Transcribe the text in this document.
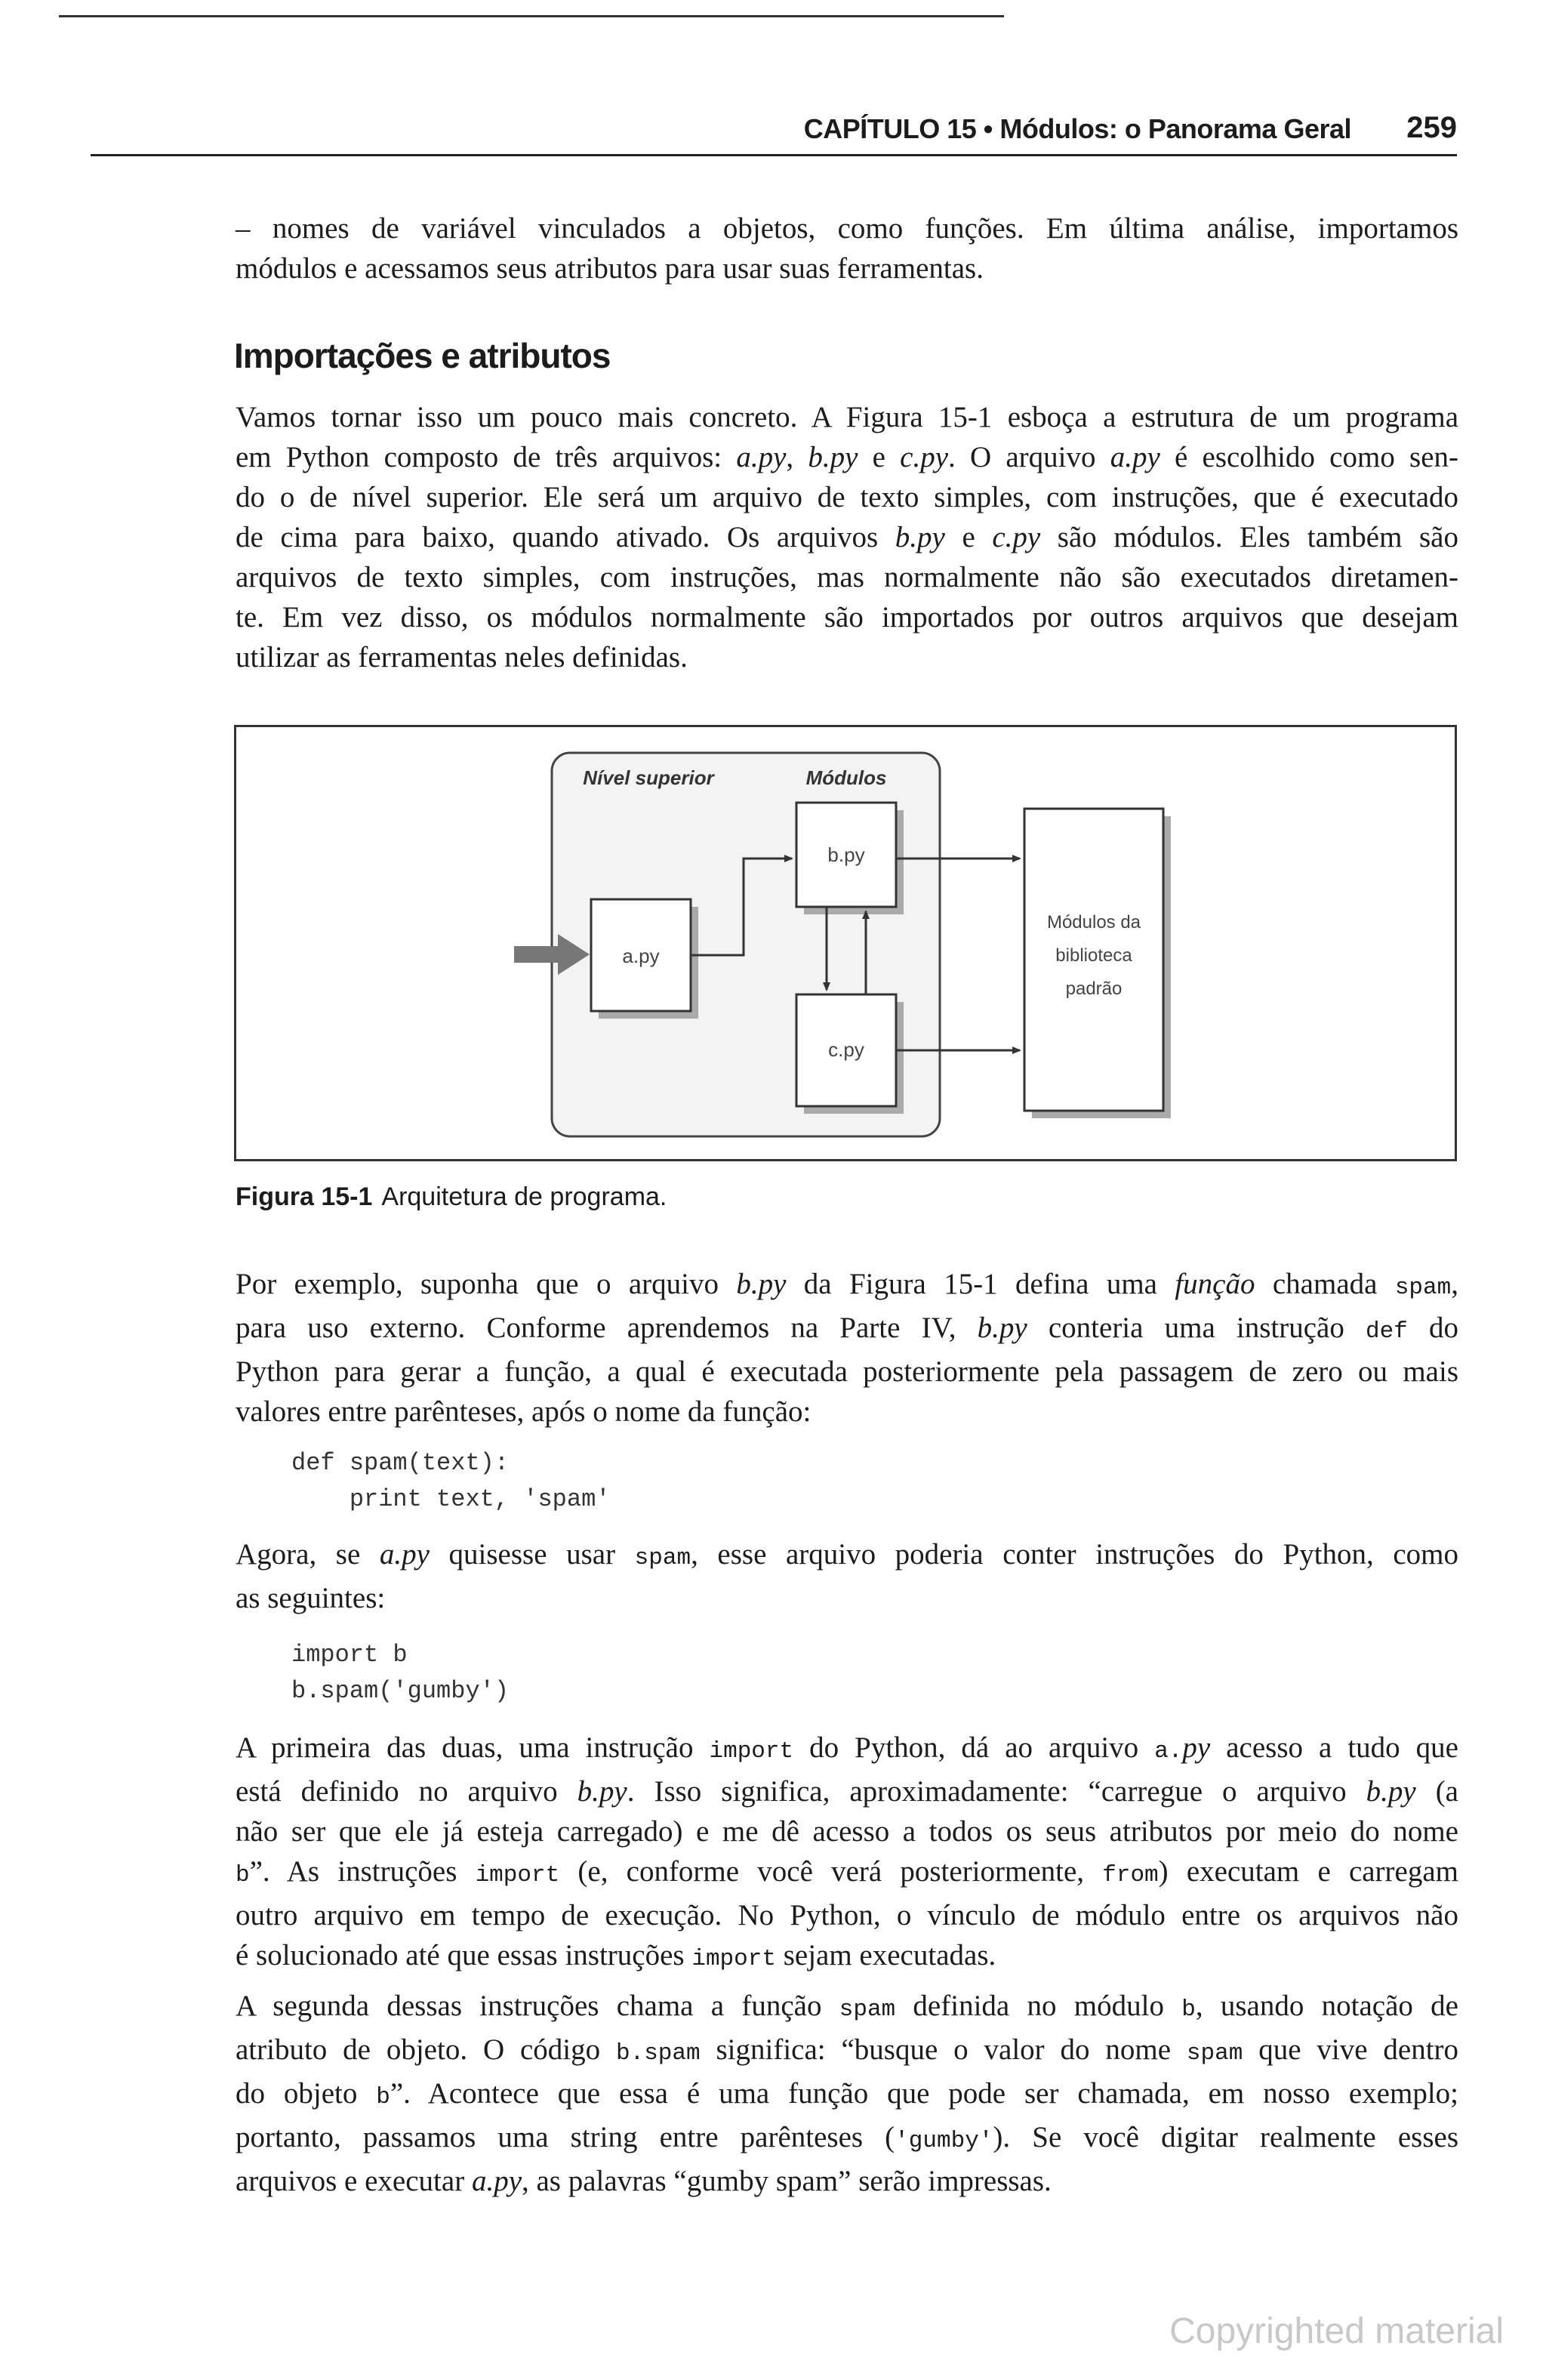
CAPÍTULO 15 • Módulos: o Panorama Geral 259
– nomes de variável vinculados a objetos, como funções. Em última análise, importamos
módulos e acessamos seus atributos para usar suas ferramentas.
Importações e atributos
Vamos tornar isso um pouco mais concreto. A Figura 15-1 esboça a estrutura de um programa
em Python composto de três arquivos: a.py, b.py e c.py. O arquivo a.py é escolhido como sen-
do o de nível superior. Ele será um arquivo de texto simples, com instruções, que é executado
de cima para baixo, quando ativado. Os arquivos b.py e c.py são módulos. Eles também são
arquivos de texto simples, com instruções, mas normalmente não são executados diretamen-
te. Em vez disso, os módulos normalmente são importados por outros arquivos que desejam
utilizar as ferramentas neles definidas.
Nível superior	Módulos
a.py
b.py
c.py
Módulos da
biblioteca
padrão
Figura 15-1 Arquitetura de programa.
Por exemplo, suponha que o arquivo b.py da Figura 15-1 defina uma função chamada spam,
para uso externo. Conforme aprendemos na Parte IV, b.py conteria uma instrução def do
Python para gerar a função, a qual é executada posteriormente pela passagem de zero ou mais
valores entre parênteses, após o nome da função:
def spam(text):
print text, 'spam'
Agora, se a.py quisesse usar spam, esse arquivo poderia conter instruções do Python, como
as seguintes:
import b
b.spam('gumby')
A primeira das duas, uma instrução import do Python, dá ao arquivo a.py acesso a tudo que
está definido no arquivo b.py. Isso significa, aproximadamente: “carregue o arquivo b.py (a
não ser que ele já esteja carregado) e me dê acesso a todos os seus atributos por meio do nome
b”. As instruções import (e, conforme você verá posteriormente, from) executam e carregam
outro arquivo em tempo de execução. No Python, o vínculo de módulo entre os arquivos não
é solucionado até que essas instruções import sejam executadas.
A segunda dessas instruções chama a função spam definida no módulo b, usando notação de
atributo de objeto. O código b.spam significa: “busque o valor do nome spam que vive dentro
do objeto b”. Acontece que essa é uma função que pode ser chamada, em nosso exemplo;
portanto, passamos uma string entre parênteses ('gumby'). Se você digitar realmente esses
arquivos e executar a.py, as palavras “gumby spam” serão impressas.
Copyrighted material
